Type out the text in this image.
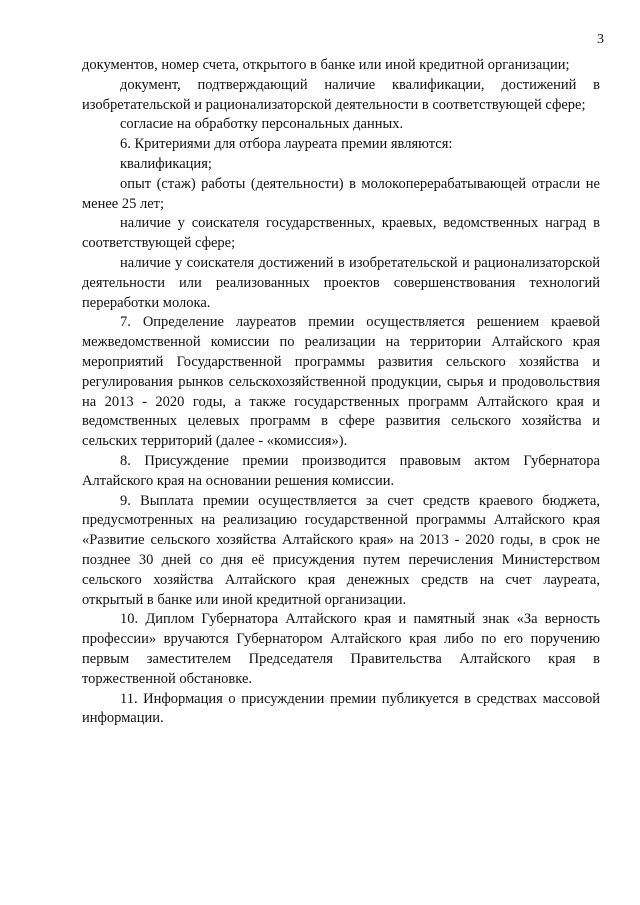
3

документов, номер счета, открытого в банке или иной кредитной организации;

документ, подтверждающий наличие квалификации, достижений в изобретательской и рационализаторской деятельности в соответствующей сфере;

согласие на обработку персональных данных.

6. Критериями для отбора лауреата премии являются:

квалификация;

опыт (стаж) работы (деятельности) в молокоперерабатывающей отрасли не менее 25 лет;

наличие у соискателя государственных, краевых, ведомственных наград в соответствующей сфере;

наличие у соискателя достижений в изобретательской и рационализаторской деятельности или реализованных проектов совершенствования технологий переработки молока.

7. Определение лауреатов премии осуществляется решением краевой межведомственной комиссии по реализации на территории Алтайского края мероприятий Государственной программы развития сельского хозяйства и регулирования рынков сельскохозяйственной продукции, сырья и продовольствия на 2013 - 2020 годы, а также государственных программ Алтайского края и ведомственных целевых программ в сфере развития сельского хозяйства и сельских территорий (далее - «комиссия»).

8. Присуждение премии производится правовым актом Губернатора Алтайского края на основании решения комиссии.

9. Выплата премии осуществляется за счет средств краевого бюджета, предусмотренных на реализацию государственной программы Алтайского края «Развитие сельского хозяйства Алтайского края» на 2013 - 2020 годы, в срок не позднее 30 дней со дня её присуждения путем перечисления Министерством сельского хозяйства Алтайского края денежных средств на счет лауреата, открытый в банке или иной кредитной организации.

10. Диплом Губернатора Алтайского края и памятный знак «За верность профессии» вручаются Губернатором Алтайского края либо по его поручению первым заместителем Председателя Правительства Алтайского края в торжественной обстановке.

11. Информация о присуждении премии публикуется в средствах массовой информации.
